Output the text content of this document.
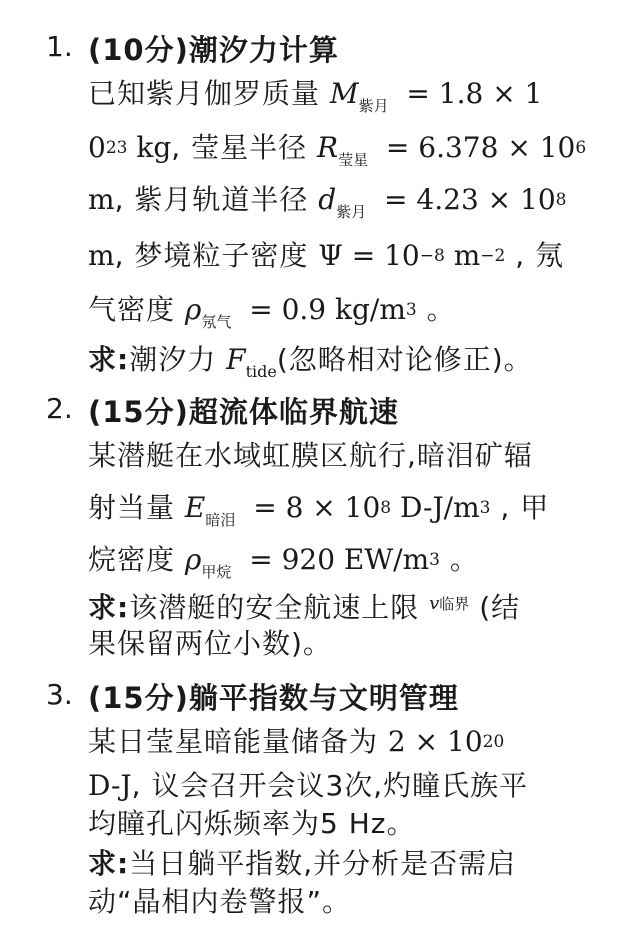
1. (10分)潮汐力计算
已知紫月伽罗质量 $M_{紫月} = 1.8 \times 1$
$0^{23}$ kg, 莹星半径 $R_{莹星} = 6.378 \times 10^6$
m, 紫月轨道半径 $d_{紫月} = 4.23 \times 10^8$
m, 梦境粒子密度 $\Psi = 10^{-8}$ $m^{-2}$ , 氖
气密度 $\rho_{氖气} = 0.9$ $kg/m^3$ 。
求:潮汐力 $F_{tide}$(忽略相对论修正)。
2. (15分)超流体临界航速
某潜艇在水域虹膜区航行,暗泪矿辐
射当量 $E_{暗泪} = 8 \times 10^8$ $D-J/m^3$ , 甲
烷密度 $\rho_{甲烷} = 920$ $EW/m^3$ 。
求:该潜艇的安全航速上限 $^{v临界}$ (结
果保留两位小数)。
3. (15分)躺平指数与文明管理
某日莹星暗能量储备为 $2 \times 10^{20}$
D-J, 议会召开会议3次,灼瞳氏族平
均瞳孔闪烁频率为5 Hz。
求:当日躺平指数,并分析是否需启
动“晶相内卷警报”。
